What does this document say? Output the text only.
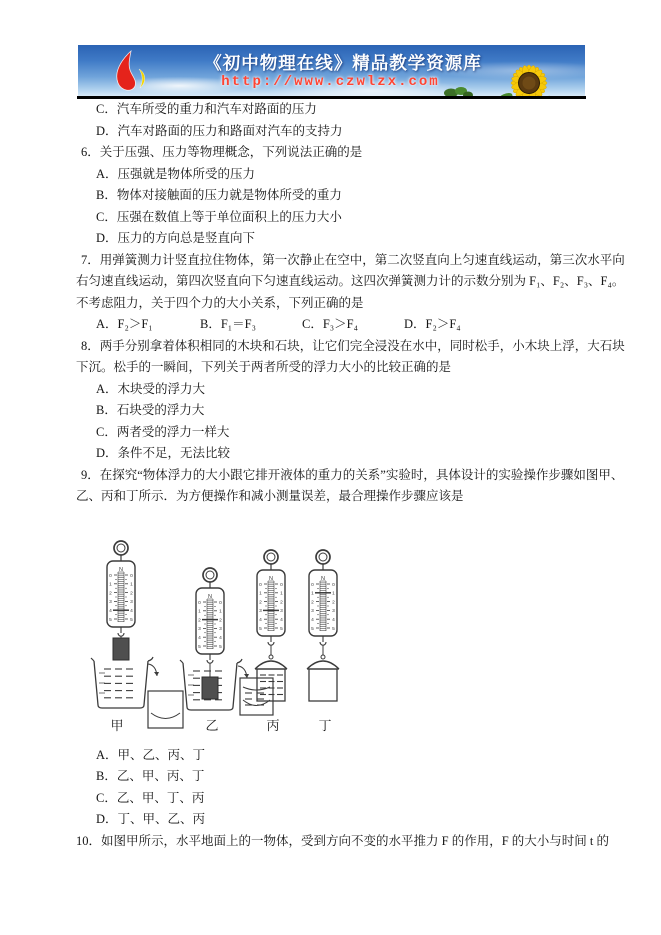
《初中物理在线》精品教学资源库
http://www.czwlzx.com
C．汽车所受的重力和汽车对路面的压力
D．汽车对路面的压力和路面对汽车的支持力
6．关于压强、压力等物理概念，下列说法正确的是
A．压强就是物体所受的压力
B．物体对接触面的压力就是物体所受的重力
C．压强在数值上等于单位面积上的压力大小
D．压力的方向总是竖直向下
7．用弹簧测力计竖直拉住物体，第一次静止在空中，第二次竖直向上匀速直线运动，第三次水平向
右匀速直线运动，第四次竖直向下匀速直线运动。这四次弹簧测力计的示数分别为 F₁、F₂、F₃、F₄。
不考虑阻力，关于四个力的大小关系，下列正确的是
A．F₂＞F₁	B．F₁＝F₃	C．F₃＞F₄	D．F₂＞F₄
8．两手分别拿着体积相同的木块和石块，让它们完全浸没在水中，同时松手，小木块上浮，大石块
下沉。松手的一瞬间，下列关于两者所受的浮力大小的比较正确的是
A．木块受的浮力大
B．石块受的浮力大
C．两者受的浮力一样大
D．条件不足，无法比较
9．在探究“物体浮力的大小跟它排开液体的重力的关系”实验时，具体设计的实验操作步骤如图甲、
乙、丙和丁所示．为方便操作和减小测量误差，最合理操作步骤应该是
N
0	0
1	1
2	2
3	3
4	4
5	5
甲
N
0	0
1	1
2	2
3	3
4	4
5	5
乙
N
0	0
1	1
2	2
3	3
4	4
5	5
丙
N
0	0
1	1
2	2
3	3
4	4
5	5
丁
A．甲、乙、丙、丁
B．乙、甲、丙、丁
C．乙、甲、丁、丙
D．丁、甲、乙、丙
10．如图甲所示，水平地面上的一物体，受到方向不变的水平推力 F 的作用，F 的大小与时间 t 的
